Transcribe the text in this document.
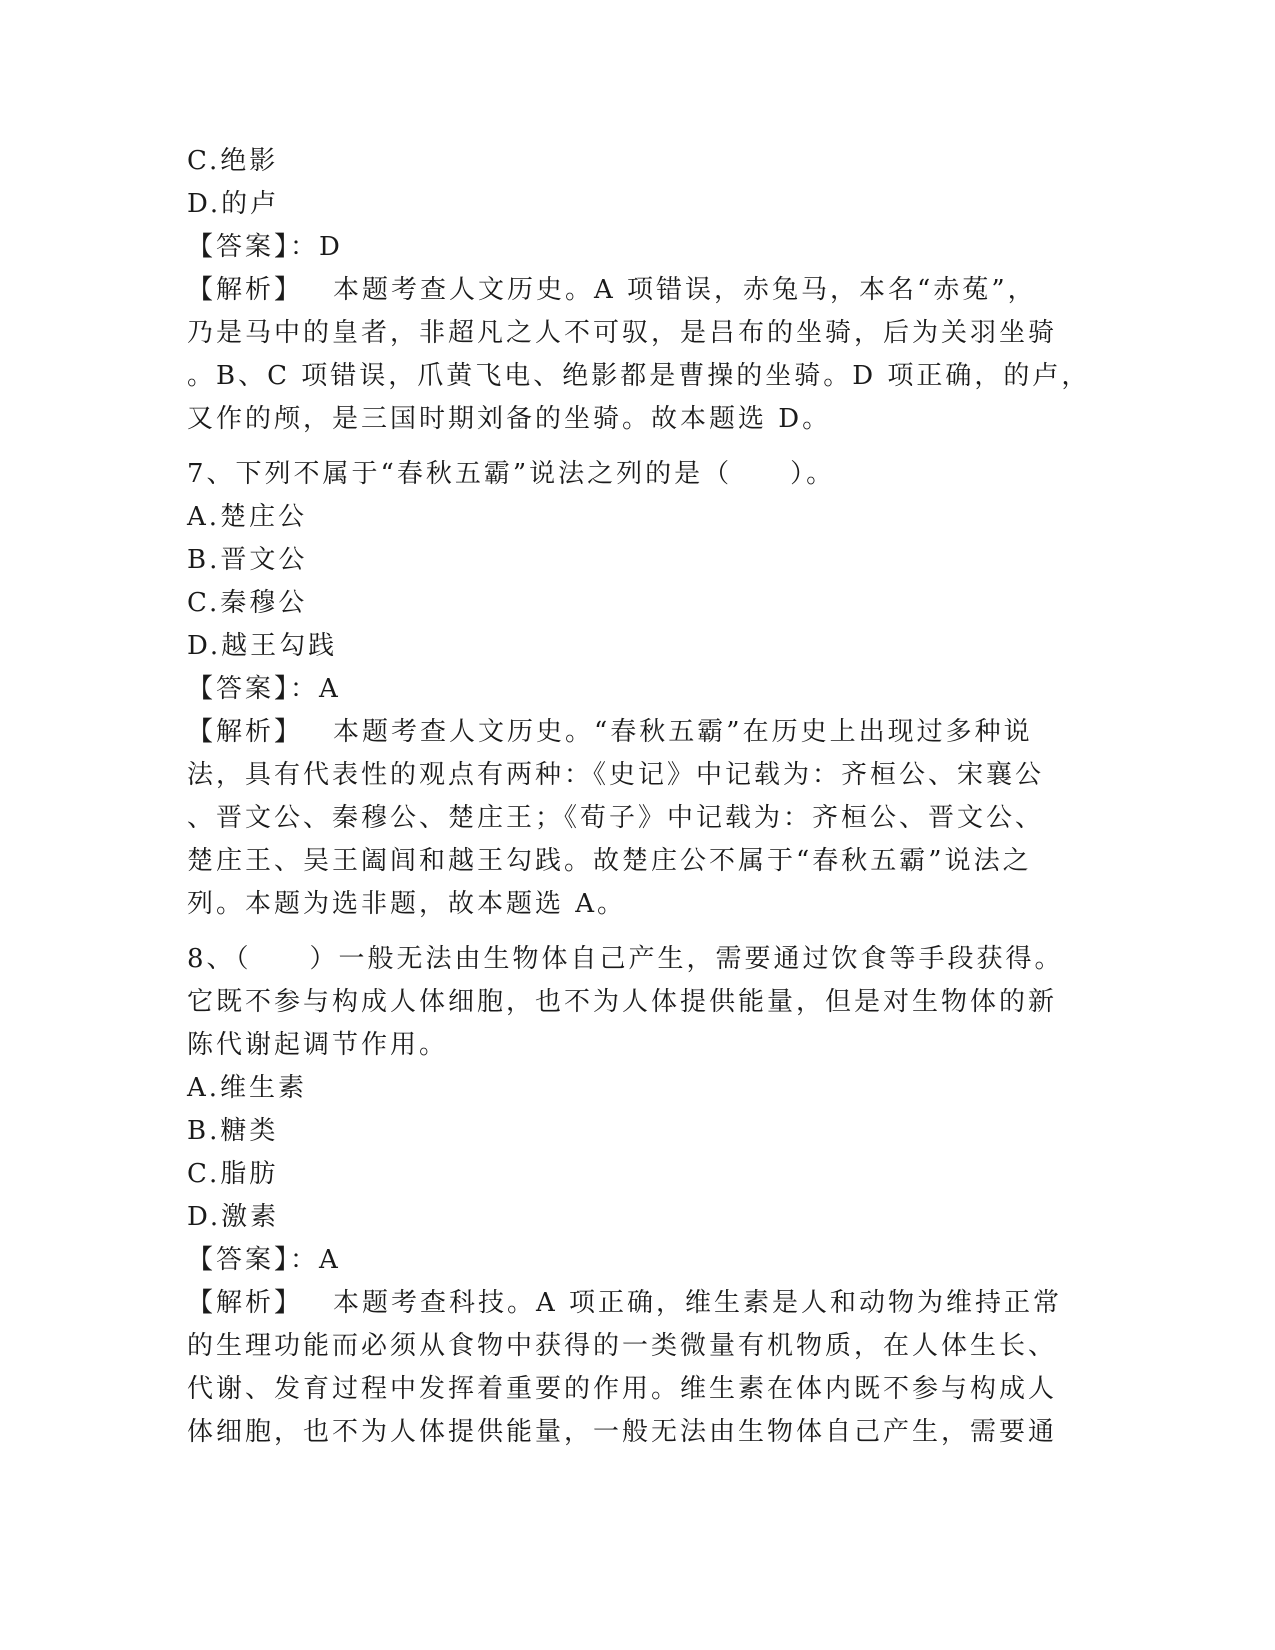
C.绝影
D.的卢
【答案】：D
【解析】 本题考查人文历史。A 项错误，赤兔马，本名“赤菟”，
乃是马中的皇者，非超凡之人不可驭，是吕布的坐骑，后为关羽坐骑
。B、C 项错误，爪黄飞电、绝影都是曹操的坐骑。D 项正确，的卢，
又作的颅，是三国时期刘备的坐骑。故本题选 D。
7、下列不属于“春秋五霸”说法之列的是（　　）。
A.楚庄公
B.晋文公
C.秦穆公
D.越王勾践
【答案】：A
【解析】 本题考查人文历史。“春秋五霸”在历史上出现过多种说
法，具有代表性的观点有两种：《史记》中记载为：齐桓公、宋襄公
、晋文公、秦穆公、楚庄王；《荀子》中记载为：齐桓公、晋文公、
楚庄王、吴王阖闾和越王勾践。故楚庄公不属于“春秋五霸”说法之
列。本题为选非题，故本题选 A。
8、（　　）一般无法由生物体自己产生，需要通过饮食等手段获得。
它既不参与构成人体细胞，也不为人体提供能量，但是对生物体的新
陈代谢起调节作用。
A.维生素
B.糖类
C.脂肪
D.激素
【答案】：A
【解析】 本题考查科技。A 项正确，维生素是人和动物为维持正常
的生理功能而必须从食物中获得的一类微量有机物质，在人体生长、
代谢、发育过程中发挥着重要的作用。维生素在体内既不参与构成人
体细胞，也不为人体提供能量，一般无法由生物体自己产生，需要通
